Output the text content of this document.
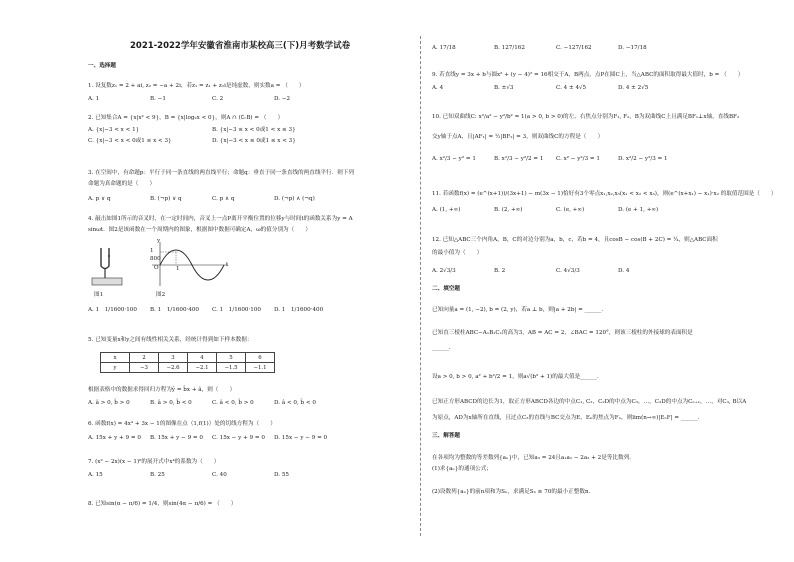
2021-2022学年安徽省淮南市某校高三(下)月考数学试卷
一、选择题
1. 设复数z₁ = 2 + ai, z₂ = −a + 2i，若z₁ = z₁ + z₂i是纯虚数，则实数a = （　　）
A. 1	B. −1	C. 2	D. −2
2. 已知集合A = {x|x² < 9}，B = {x|log₂x < 0}，则A ∩ (∁ᵣB) = （　　）
A. {x|−3 < x < 1}	B. {x|−3 ≤ x < 0或1 < x ≤ 3}
C. {x|−3 < x < 0或1 ≤ x < 3}	D. {x|−3 < x ≤ 0或1 ≤ x < 3}
3. 在空间中，有命题p：平行于同一条直线的两直线平行；命题q：垂直于同一条直线的两直线平行．则下列
命题为真命题的是（　　）
A. p ∨ q	B. (¬p) ∨ q	C. p ∧ q	D. (¬p) ∧ (¬q)
4. 敲击如图1所示的音叉时，在一定时间内，音叉上一点P离开平衡位置的位移y与时间t的函数关系为y = A
sinωt．图2是该函数在一个周期内的图象，根据图中数据可确定A，ω的值分别为（　　）
图1
y
1
O	t
1
800
图2
A. 1　1/1600·100 B. 1　1/1600·400 C. 1　1/1600·100 D. 1　1/1600·400
5. 已知变量x和y之间有线性相关关系，经统计得到如下样本数据：
x	2	3	4	5	6
y	−3	−2.6	−2.1	−1.5	−1.1
根据表格中的数据求得回归方程为ŷ = b̂x + â，则（　　）
A. â > 0, b̂ > 0	B. â > 0, b̂ < 0	C. â < 0, b̂ > 0	D. â < 0, b̂ < 0
6. 函数f(x) = 4x³ + 3x − 1的图像在点（1,f(1)）处的切线方程为（　　）
A. 15x + y + 9 = 0 B. 15x + y − 9 = 0 C. 15x − y + 9 = 0 D. 15x − y − 9 = 0
7. (x² − 2x)(x − 1)⁶的展开式中x⁴的系数为（　　）
A. 15	B. 25	C. 40	D. 55
8. 已知sin(α − π/6) = 1/4，则sin(4α − π/6) = （　　）
A. 17/18	B. 127/162	C. −127/162	D. −17/18
9. 若直线y = 3x + b与圆x² + (y − 4)² = 16相交于A，B两点，点P在圆C上，当△ABC的面积取得最大值时，b = （　　）
A. 4	B. ±√3	C. 4 ± 4√5	D. 4 ± 2√5
10. 已知双曲线C: x²/a² − y²/b² = 1(a > 0, b > 0)的左、右焦点分别为F₁, F₂，B为双曲线C上且满足BF₁⊥x轴，直线BF₂
交y轴于点A，且|AF₁| = ½|BF₂| = 3，则双曲线C的方程是（　　）
A. x²/3 − y² = 1	B. x²/3 − y²/2 = 1 C. x² − y²/3 = 1	D. x²/2 − y²/3 = 1
11. 若函数f(x) = (e^(x+1))/(3x+1) − m(3x − 1)恰好有3个零点x₁,x₂,x₃(x₁ < x₂ < x₃)，则(e^(x+x₁) − x₁)·x₂ 的取值范围是（　　）
A. (1, +∞)	B. (2, +∞)	C. (e, +∞)	D. (e + 1, +∞)
12. 已知△ABC三个内角A，B，C的对边分别为a，b，c，若b = 4，且cosB − cos(B + 2C) = ¼，则△ABC面积
的最小值为（　　）
A. 2√3/3	B. 2	C. 4√3/3	D. 4
二、填空题
已知向量a = (1, −2), b = (2, y)，若a ⊥ b，则|a + 2b| = ______．
已知直三棱柱ABC−A₁B₁C₁的高为3，AB = AC = 2，∠BAC = 120°，则该三棱柱的外接球的表面积是
______．
设a > 0, b > 0, a² + b²/2 = 1，则a√(b² + 1)的最大值是______．
已知正方形ABCD的边长为1，取正方形ABCD各边的中点C₁, C₂，C₂D的中点为C₃，…，C₃D的中点为Cₙ₊₁，…，对C₃, B以A
为原点，AD为x轴所在直线，且过点C₃的直线与BC交点为E，Eₙ的焦点为Fₙ，则lim(n→∞)|EₙF| = ______．
三、解答题
在各项均为整数的等差数列{aₙ}中，已知a₃ = 24且a₁a₂ − 2a₃ + 2是等比数列．
(1)求{aₙ}的通项公式；
(2)设数列{aₙ}的前n项和为Sₙ，求满足Sₙ ≥ 70的最小正整数n．
